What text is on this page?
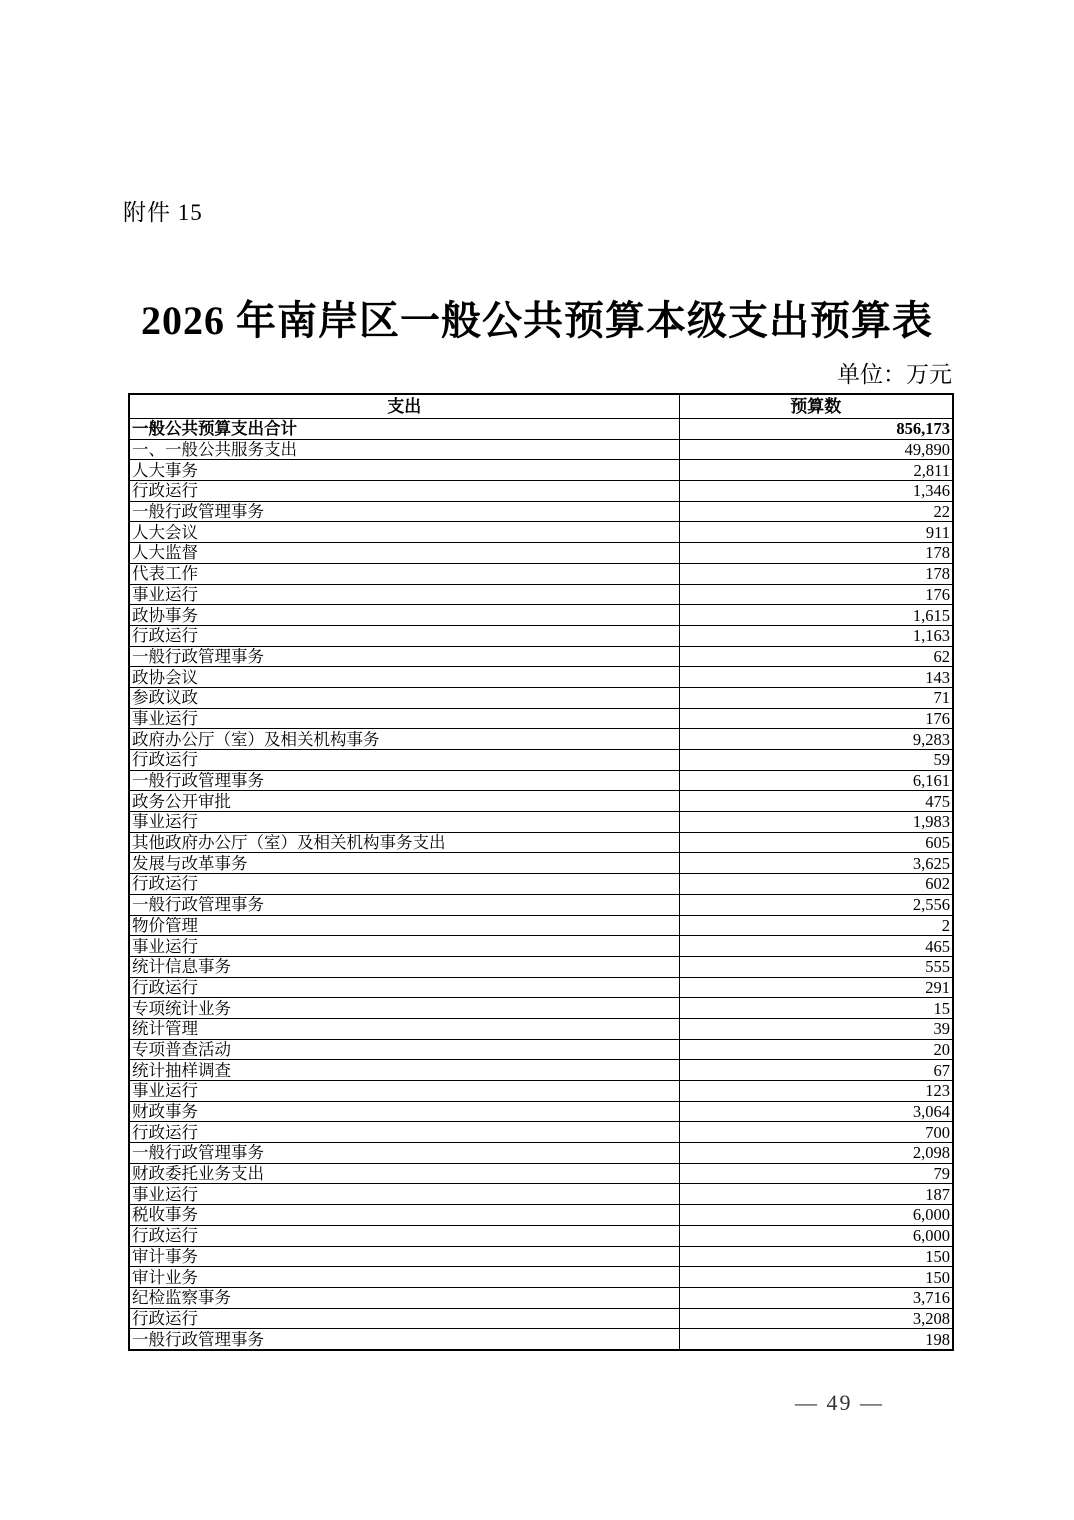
附件 15
2026 年南岸区一般公共预算本级支出预算表
单位：万元
支出	预算数
一般公共预算支出合计	856,173
一、一般公共服务支出	49,890
人大事务	2,811
行政运行	1,346
一般行政管理事务	22
人大会议	911
人大监督	178
代表工作	178
事业运行	176
政协事务	1,615
行政运行	1,163
一般行政管理事务	62
政协会议	143
参政议政	71
事业运行	176
政府办公厅（室）及相关机构事务	9,283
行政运行	59
一般行政管理事务	6,161
政务公开审批	475
事业运行	1,983
其他政府办公厅（室）及相关机构事务支出	605
发展与改革事务	3,625
行政运行	602
一般行政管理事务	2,556
物价管理	2
事业运行	465
统计信息事务	555
行政运行	291
专项统计业务	15
统计管理	39
专项普查活动	20
统计抽样调查	67
事业运行	123
财政事务	3,064
行政运行	700
一般行政管理事务	2,098
财政委托业务支出	79
事业运行	187
税收事务	6,000
行政运行	6,000
审计事务	150
审计业务	150
纪检监察事务	3,716
行政运行	3,208
一般行政管理事务	198
— 49 —
